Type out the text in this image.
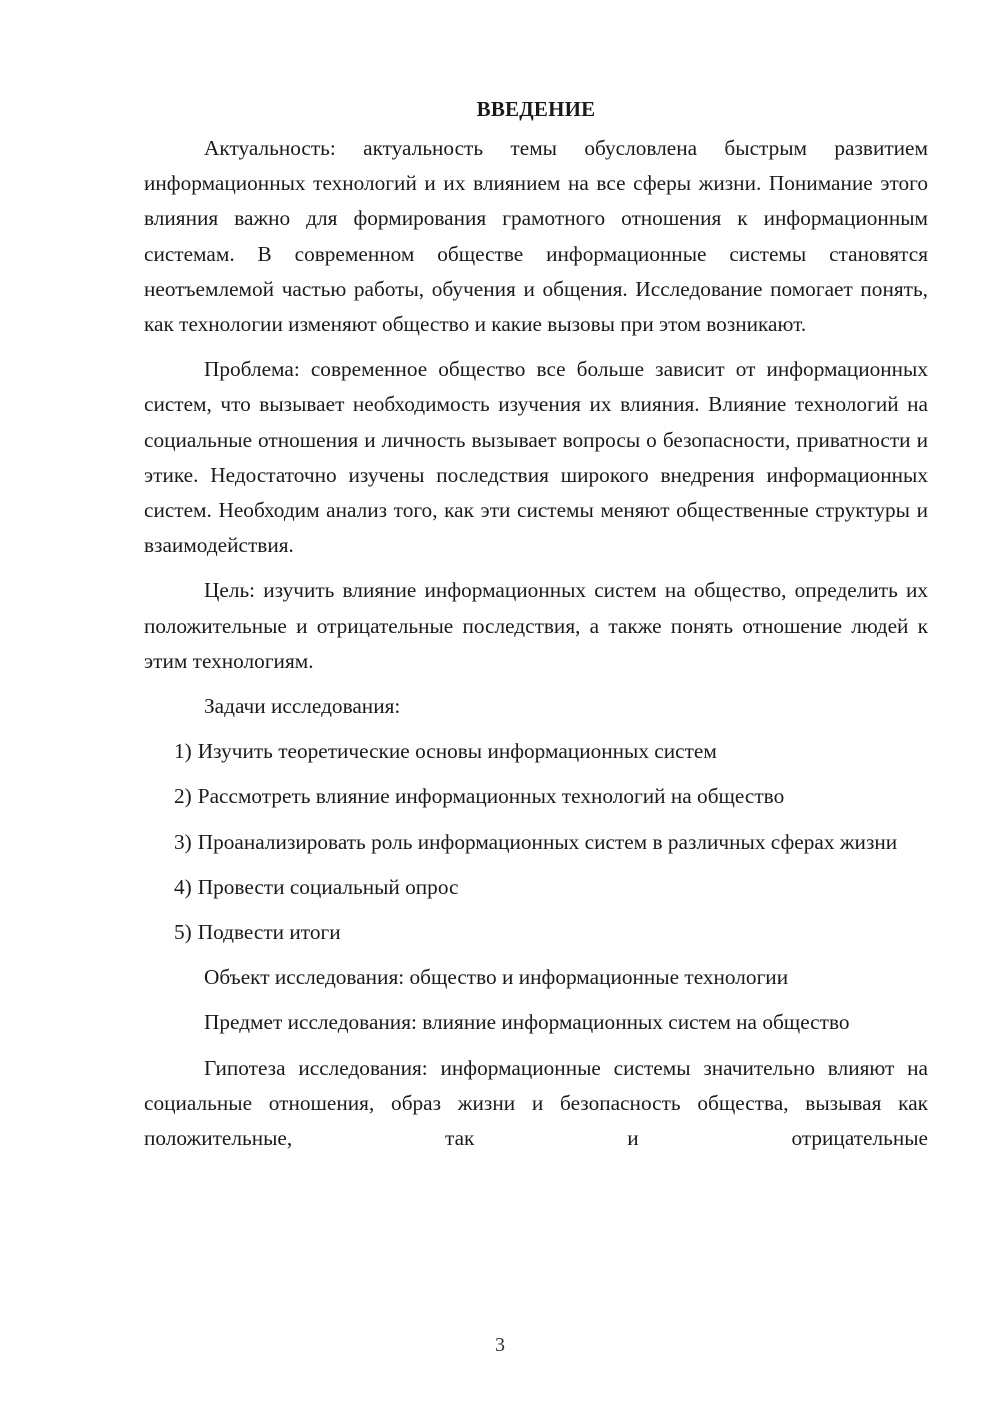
ВВЕДЕНИЕ

Актуальность: актуальность темы обусловлена быстрым развитием информационных технологий и их влиянием на все сферы жизни. Понимание этого влияния важно для формирования грамотного отношения к информационным системам. В современном обществе информационные системы становятся неотъемлемой частью работы, обучения и общения. Исследование помогает понять, как технологии изменяют общество и какие вызовы при этом возникают.

Проблема: современное общество все больше зависит от информационных систем, что вызывает необходимость изучения их влияния. Влияние технологий на социальные отношения и личность вызывает вопросы о безопасности, приватности и этике. Недостаточно изучены последствия широкого внедрения информационных систем. Необходим анализ того, как эти системы меняют общественные структуры и взаимодействия.

Цель: изучить влияние информационных систем на общество, определить их положительные и отрицательные последствия, а также понять отношение людей к этим технологиям.

Задачи исследования:

1) Изучить теоретические основы информационных систем

2) Рассмотреть влияние информационных технологий на общество

3) Проанализировать роль информационных систем в различных сферах жизни

4) Провести социальный опрос

5) Подвести итоги

Объект исследования: общество и информационные технологии

Предмет исследования: влияние информационных систем на общество

Гипотеза исследования: информационные системы значительно влияют на социальные отношения, образ жизни и безопасность общества, вызывая как положительные, так и отрицательные

3
